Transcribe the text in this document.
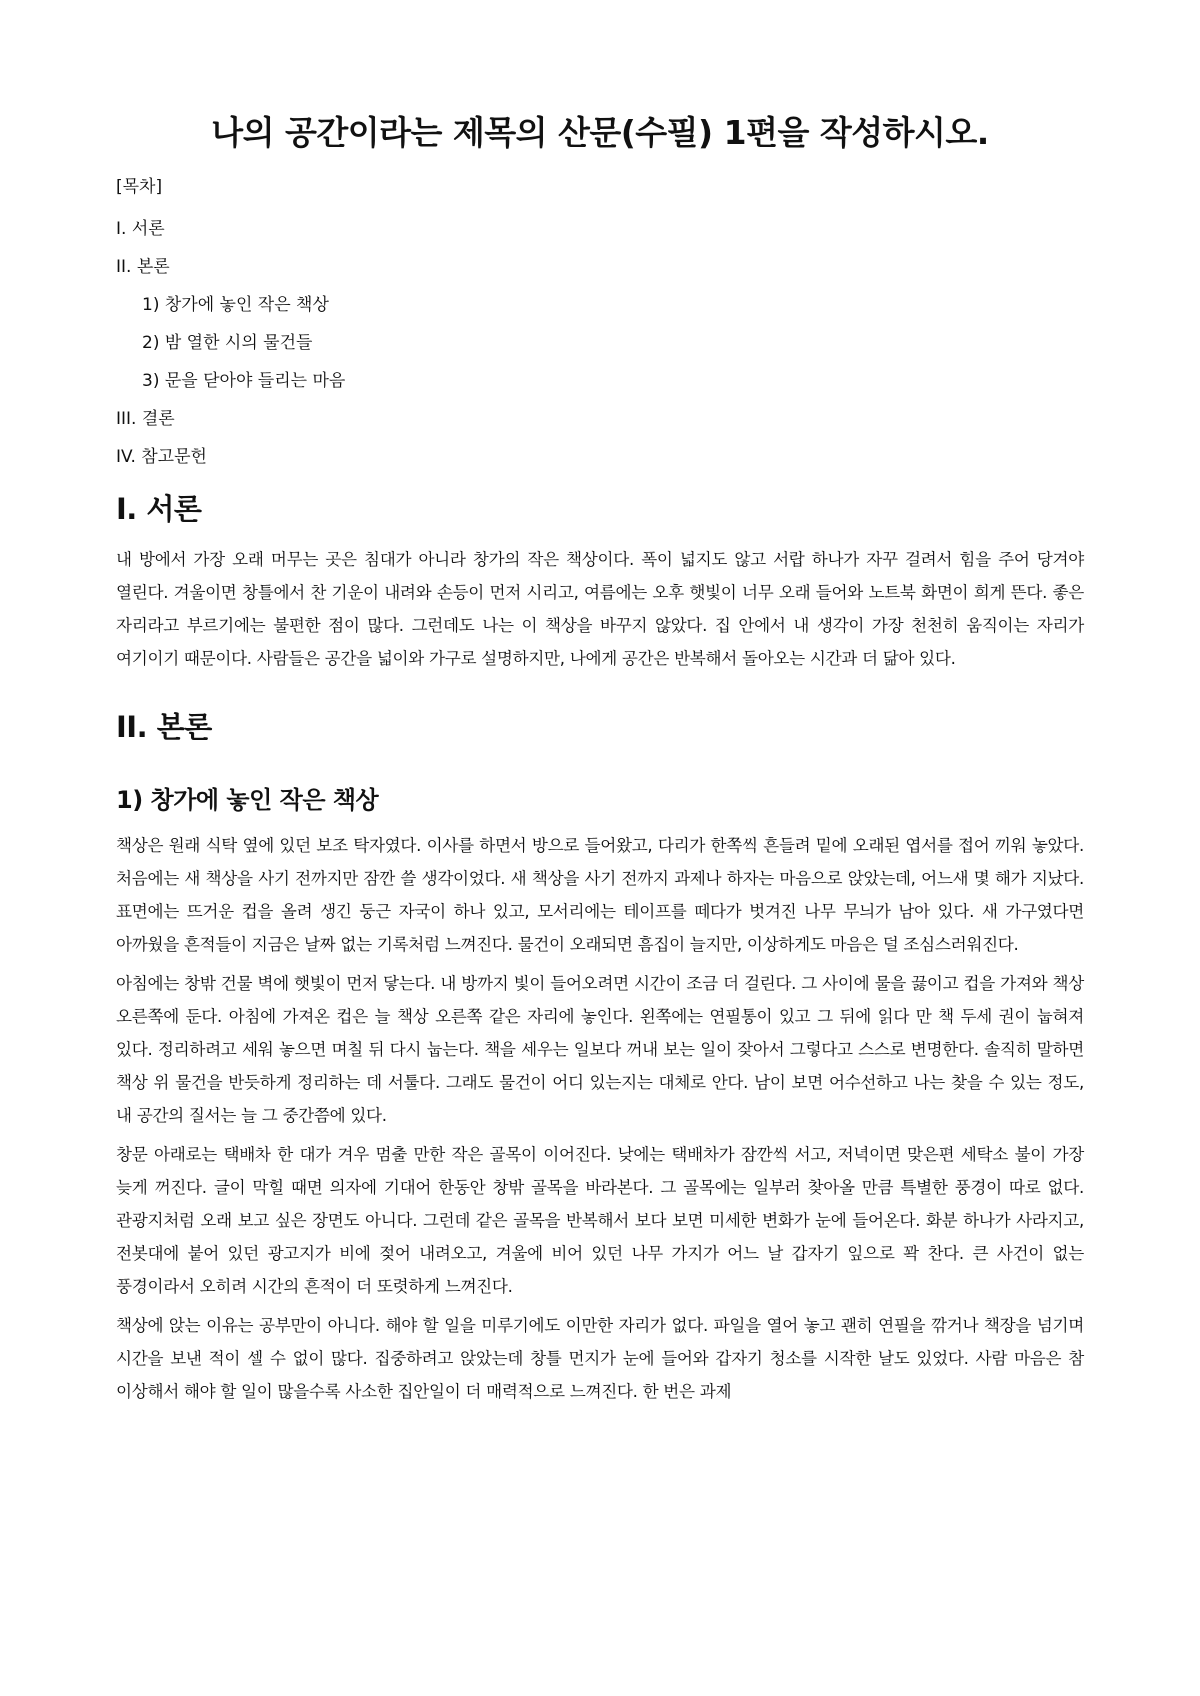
나의 공간이라는 제목의 산문(수필) 1편을 작성하시오.
[목차]
I. 서론
II. 본론
1) 창가에 놓인 작은 책상
2) 밤 열한 시의 물건들
3) 문을 닫아야 들리는 마음
III. 결론
IV. 참고문헌
I. 서론

내 방에서 가장 오래 머무는 곳은 침대가 아니라 창가의 작은 책상이다. 폭이 넓지도 않고 서랍 하나가 자꾸 걸려서 힘을 주어 당겨야 열린다. 겨울이면 창틀에서 찬 기운이 내려와 손등이 먼저 시리고, 여름에는 오후 햇빛이 너무 오래 들어와 노트북 화면이 희게 뜬다. 좋은 자리라고 부르기에는 불편한 점이 많다. 그런데도 나는 이 책상을 바꾸지 않았다. 집 안에서 내 생각이 가장 천천히 움직이는 자리가 여기이기 때문이다. 사람들은 공간을 넓이와 가구로 설명하지만, 나에게 공간은 반복해서 돌아오는 시간과 더 닮아 있다.

II. 본론
1) 창가에 놓인 작은 책상

책상은 원래 식탁 옆에 있던 보조 탁자였다. 이사를 하면서 방으로 들어왔고, 다리가 한쪽씩 흔들려 밑에 오래된 엽서를 접어 끼워 놓았다. 처음에는 새 책상을 사기 전까지만 잠깐 쓸 생각이었다. 새 책상을 사기 전까지 과제나 하자는 마음으로 앉았는데, 어느새 몇 해가 지났다. 표면에는 뜨거운 컵을 올려 생긴 둥근 자국이 하나 있고, 모서리에는 테이프를 떼다가 벗겨진 나무 무늬가 남아 있다. 새 가구였다면 아까웠을 흔적들이 지금은 날짜 없는 기록처럼 느껴진다. 물건이 오래되면 흠집이 늘지만, 이상하게도 마음은 덜 조심스러워진다.

아침에는 창밖 건물 벽에 햇빛이 먼저 닿는다. 내 방까지 빛이 들어오려면 시간이 조금 더 걸린다. 그 사이에 물을 끓이고 컵을 가져와 책상 오른쪽에 둔다. 아침에 가져온 컵은 늘 책상 오른쪽 같은 자리에 놓인다. 왼쪽에는 연필통이 있고 그 뒤에 읽다 만 책 두세 권이 눕혀져 있다. 정리하려고 세워 놓으면 며칠 뒤 다시 눕는다. 책을 세우는 일보다 꺼내 보는 일이 잦아서 그렇다고 스스로 변명한다. 솔직히 말하면 책상 위 물건을 반듯하게 정리하는 데 서툴다. 그래도 물건이 어디 있는지는 대체로 안다. 남이 보면 어수선하고 나는 찾을 수 있는 정도, 내 공간의 질서는 늘 그 중간쯤에 있다.

창문 아래로는 택배차 한 대가 겨우 멈출 만한 작은 골목이 이어진다. 낮에는 택배차가 잠깐씩 서고, 저녁이면 맞은편 세탁소 불이 가장 늦게 꺼진다. 글이 막힐 때면 의자에 기대어 한동안 창밖 골목을 바라본다. 그 골목에는 일부러 찾아올 만큼 특별한 풍경이 따로 없다. 관광지처럼 오래 보고 싶은 장면도 아니다. 그런데 같은 골목을 반복해서 보다 보면 미세한 변화가 눈에 들어온다. 화분 하나가 사라지고, 전봇대에 붙어 있던 광고지가 비에 젖어 내려오고, 겨울에 비어 있던 나무 가지가 어느 날 갑자기 잎으로 꽉 찬다. 큰 사건이 없는 풍경이라서 오히려 시간의 흔적이 더 또렷하게 느껴진다.

책상에 앉는 이유는 공부만이 아니다. 해야 할 일을 미루기에도 이만한 자리가 없다. 파일을 열어 놓고 괜히 연필을 깎거나 책장을 넘기며 시간을 보낸 적이 셀 수 없이 많다. 집중하려고 앉았는데 창틀 먼지가 눈에 들어와 갑자기 청소를 시작한 날도 있었다. 사람 마음은 참 이상해서 해야 할 일이 많을수록 사소한 집안일이 더 매력적으로 느껴진다. 한 번은 과제
